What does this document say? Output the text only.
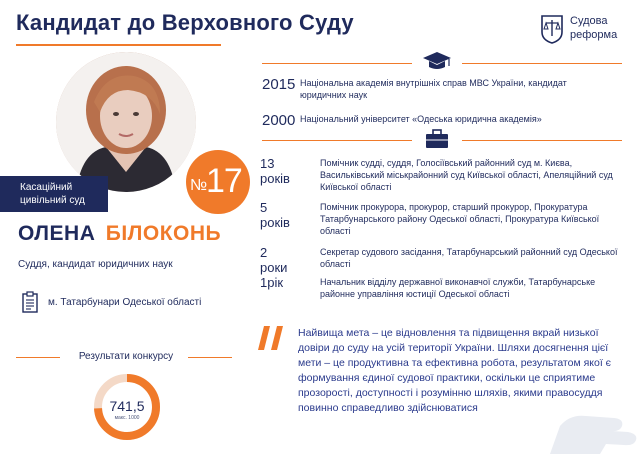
Кандидат до Верховного Суду	Судова
реформа
Касаційний
цивільний суд
№
17
ОЛЕНА БІЛОКОНЬ
Суддя, кандидат юридичних наук
м. Татарбунари Одеської області
Результати конкурсу
741,5
макс. 1000
2015 Національна академія внутрішніх справ МВС України, кандидат юридичних наук
2000 Національний університет «Одеська юридична академія»
13 років
Помічник судді, суддя, Голосіївський районний суд м. Києва, Васильківський міськрайонний суд Київської області, Апеляційний суд Київської області
5 років
Помічник прокурора, прокурор, старший прокурор, Прокуратура Татарбунарського району Одеської області, Прокуратура Київської області
2 роки
Секретар судового засідання, Татарбунарський районний суд Одеської області
1рік	Начальник відділу державної виконавчої служби, Татарбунарське районне управління юстиції Одеської області
Найвища мета – це відновлення та підвищення вкрай низької довіри до суду на усій території України. Шляхи досягнення цієї мети – це продуктивна та ефективна робота, результатом якої є формування єдиної судової практики, оскільки це сприятиме прозорості, доступності і розумінню шляхів, якими правосуддя повинно справедливо здійснюватися
